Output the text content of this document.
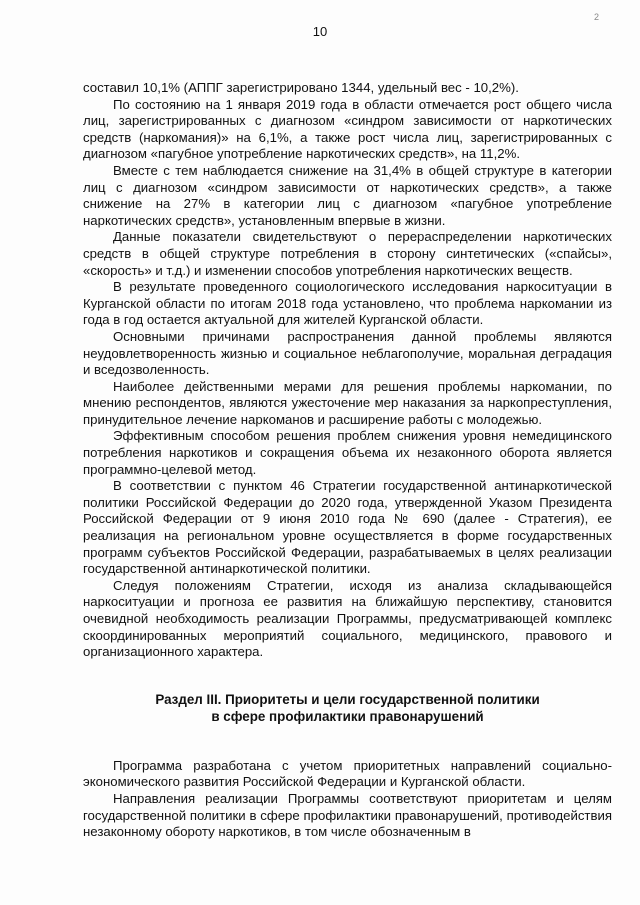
2
10

составил 10,1% (АППГ зарегистрировано 1344, удельный вес - 10,2%).

По состоянию на 1 января 2019 года в области отмечается рост общего числа лиц, зарегистрированных с диагнозом «синдром зависимости от наркотических средств (наркомания)» на 6,1%, а также рост числа лиц, зарегистрированных с диагнозом «пагубное употребление наркотических средств», на 11,2%.

Вместе с тем наблюдается снижение на 31,4% в общей структуре в категории лиц с диагнозом «синдром зависимости от наркотических средств», а также снижение на 27% в категории лиц с диагнозом «пагубное употребление наркотических средств», установленным впервые в жизни.

Данные показатели свидетельствуют о перераспределении наркотических средств в общей структуре потребления в сторону синтетических («спайсы», «скорость» и т.д.) и изменении способов употребления наркотических веществ.

В результате проведенного социологического исследования наркоситуации в Курганской области по итогам 2018 года установлено, что проблема наркомании из года в год остается актуальной для жителей Курганской области.

Основными причинами распространения данной проблемы являются неудовлетворенность жизнью и социальное неблагополучие, моральная деградация и вседозволенность.

Наиболее действенными мерами для решения проблемы наркомании, по мнению респондентов, являются ужесточение мер наказания за наркопреступления, принудительное лечение наркоманов и расширение работы с молодежью.

Эффективным способом решения проблем снижения уровня немедицинского потребления наркотиков и сокращения объема их незаконного оборота является программно-целевой метод.

В соответствии с пунктом 46 Стратегии государственной антинаркотической политики Российской Федерации до 2020 года, утвержденной Указом Президента Российской Федерации от 9 июня 2010 года № 690 (далее - Стратегия), ее реализация на региональном уровне осуществляется в форме государственных программ субъектов Российской Федерации, разрабатываемых в целях реализации государственной антинаркотической политики.

Следуя положениям Стратегии, исходя из анализа складывающейся наркоситуации и прогноза ее развития на ближайшую перспективу, становится очевидной необходимость реализации Программы, предусматривающей комплекс скоординированных мероприятий социального, медицинского, правового и организационного характера.

Раздел III. Приоритеты и цели государственной политики
в сфере профилактики правонарушений

Программа разработана с учетом приоритетных направлений социально-экономического развития Российской Федерации и Курганской области.

Направления реализации Программы соответствуют приоритетам и целям государственной политики в сфере профилактики правонарушений, противодействия незаконному обороту наркотиков, в том числе обозначенным в
